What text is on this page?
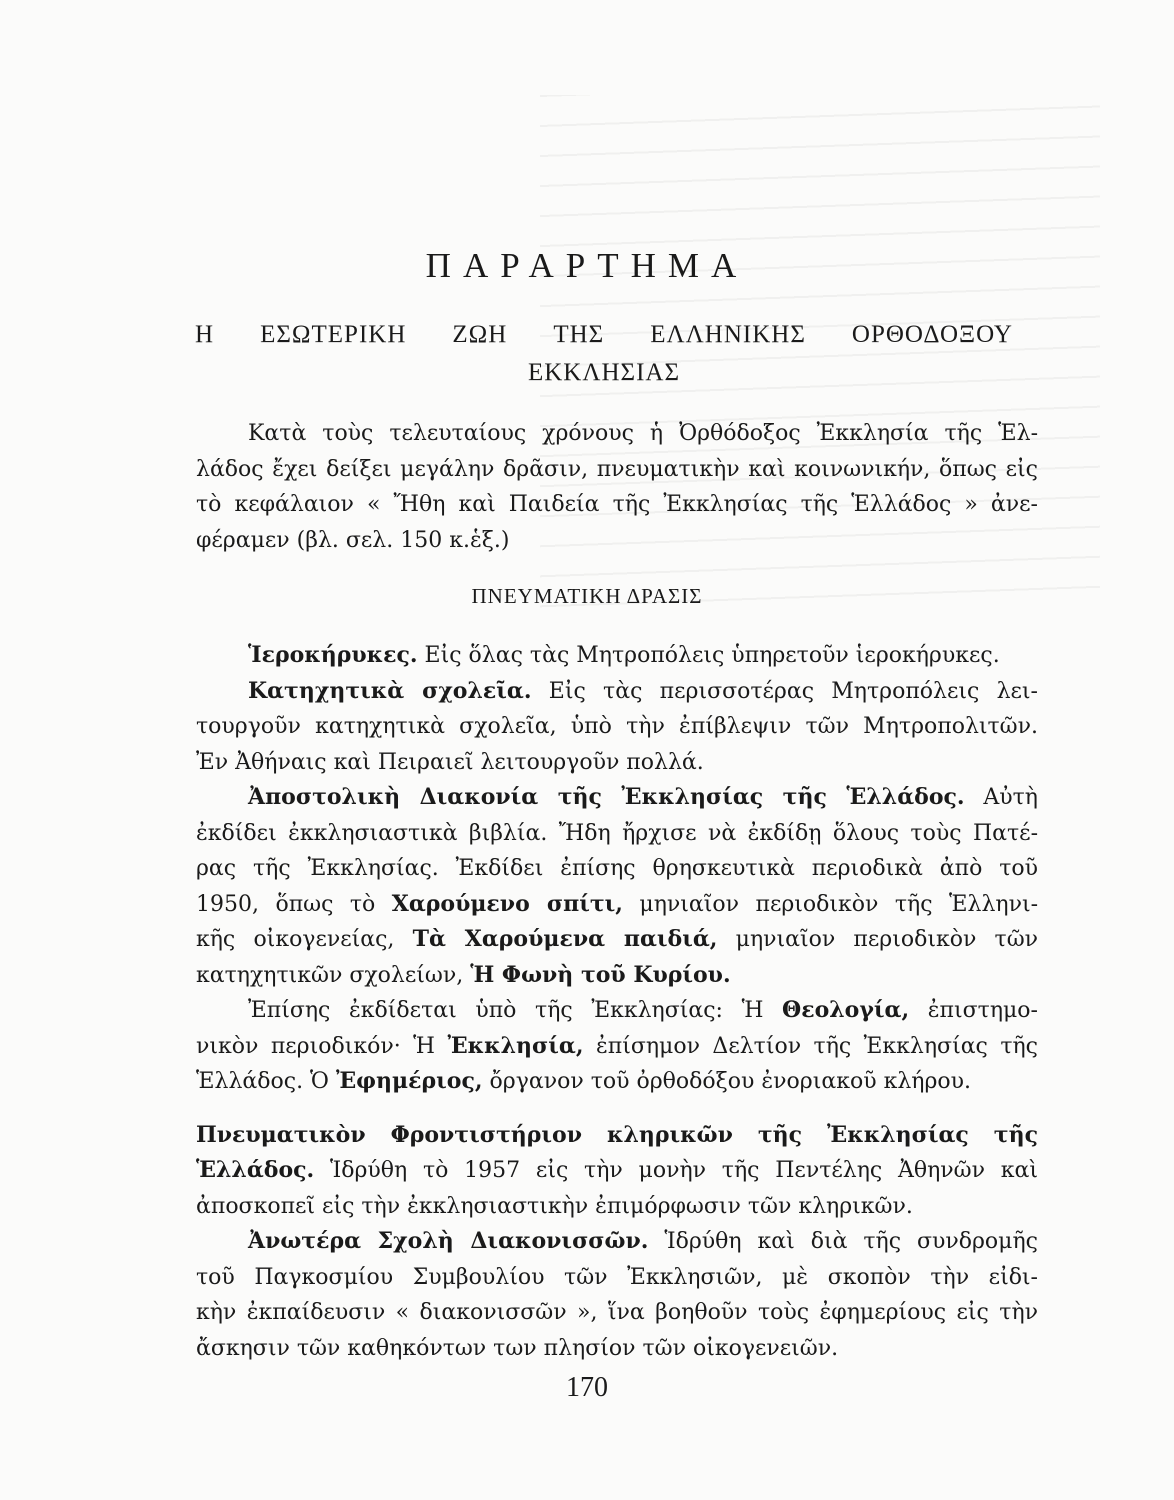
ΠΑΡΑΡΤΗΜΑ
Η ΕΣΩΤΕΡΙΚΗ ΖΩΗ ΤΗΣ ΕΛΛΗΝΙΚΗΣ ΟΡΘΟΔΟΞΟΥ
ΕΚΚΛΗΣΙΑΣ
Κατὰ τοὺς τελευταίους χρόνους ἡ Ὀρθόδοξος Ἐκκλησία τῆς Ἑλ-
λάδος ἔχει δείξει μεγάλην δρᾶσιν, πνευματικὴν καὶ κοινωνικήν, ὅπως εἰς
τὸ κεφάλαιον « Ἤθη καὶ Παιδεία τῆς Ἐκκλησίας τῆς Ἑλλάδος » ἀνε-
φέραμεν (βλ. σελ. 150 κ.ἑξ.)
ΠΝΕΥΜΑΤΙΚΗ ΔΡΑΣΙΣ

Ἱεροκήρυκες. Εἰς ὅλας τὰς Μητροπόλεις ὑπηρετοῦν ἱεροκήρυκες.

Κατηχητικὰ σχολεῖα. Εἰς τὰς περισσοτέρας Μητροπόλεις λει-
τουργοῦν κατηχητικὰ σχολεῖα, ὑπὸ τὴν ἐπίβλεψιν τῶν Μητροπολιτῶν.
Ἐν Ἀθήναις καὶ Πειραιεῖ λειτουργοῦν πολλά.

Ἀποστολικὴ Διακονία τῆς Ἐκκλησίας τῆς Ἑλλάδος. Αὐτὴ
ἐκδίδει ἐκκλησιαστικὰ βιβλία. Ἤδη ἤρχισε νὰ ἐκδίδῃ ὅλους τοὺς Πατέ-
ρας τῆς Ἐκκλησίας. Ἐκδίδει ἐπίσης θρησκευτικὰ περιοδικὰ ἀπὸ τοῦ
1950, ὅπως τὸ Χαρούμενο σπίτι, μηνιαῖον περιοδικὸν τῆς Ἑλληνι-
κῆς οἰκογενείας, Τὰ Χαρούμενα παιδιά, μηνιαῖον περιοδικὸν τῶν
κατηχητικῶν σχολείων, Ἡ Φωνὴ τοῦ Κυρίου.

Ἐπίσης ἐκδίδεται ὑπὸ τῆς Ἐκκλησίας: Ἡ Θεολογία, ἐπιστημο-
νικὸν περιοδικόν· Ἡ Ἐκκλησία, ἐπίσημον Δελτίον τῆς Ἐκκλησίας τῆς
Ἑλλάδος. Ὁ Ἐφημέριος, ὄργανον τοῦ ὀρθοδόξου ἐνοριακοῦ κλήρου.

Πνευματικὸν Φροντιστήριον κληρικῶν τῆς Ἐκκλησίας τῆς
Ἑλλάδος. Ἱδρύθη τὸ 1957 εἰς τὴν μονὴν τῆς Πεντέλης Ἀθηνῶν καὶ
ἀποσκοπεῖ εἰς τὴν ἐκκλησιαστικὴν ἐπιμόρφωσιν τῶν κληρικῶν.

Ἀνωτέρα Σχολὴ Διακονισσῶν. Ἱδρύθη καὶ διὰ τῆς συνδρομῆς
τοῦ Παγκοσμίου Συμβουλίου τῶν Ἐκκλησιῶν, μὲ σκοπὸν τὴν εἰδι-
κὴν ἐκπαίδευσιν « διακονισσῶν », ἵνα βοηθοῦν τοὺς ἐφημερίους εἰς τὴν
ἄσκησιν τῶν καθηκόντων των πλησίον τῶν οἰκογενειῶν.

170
